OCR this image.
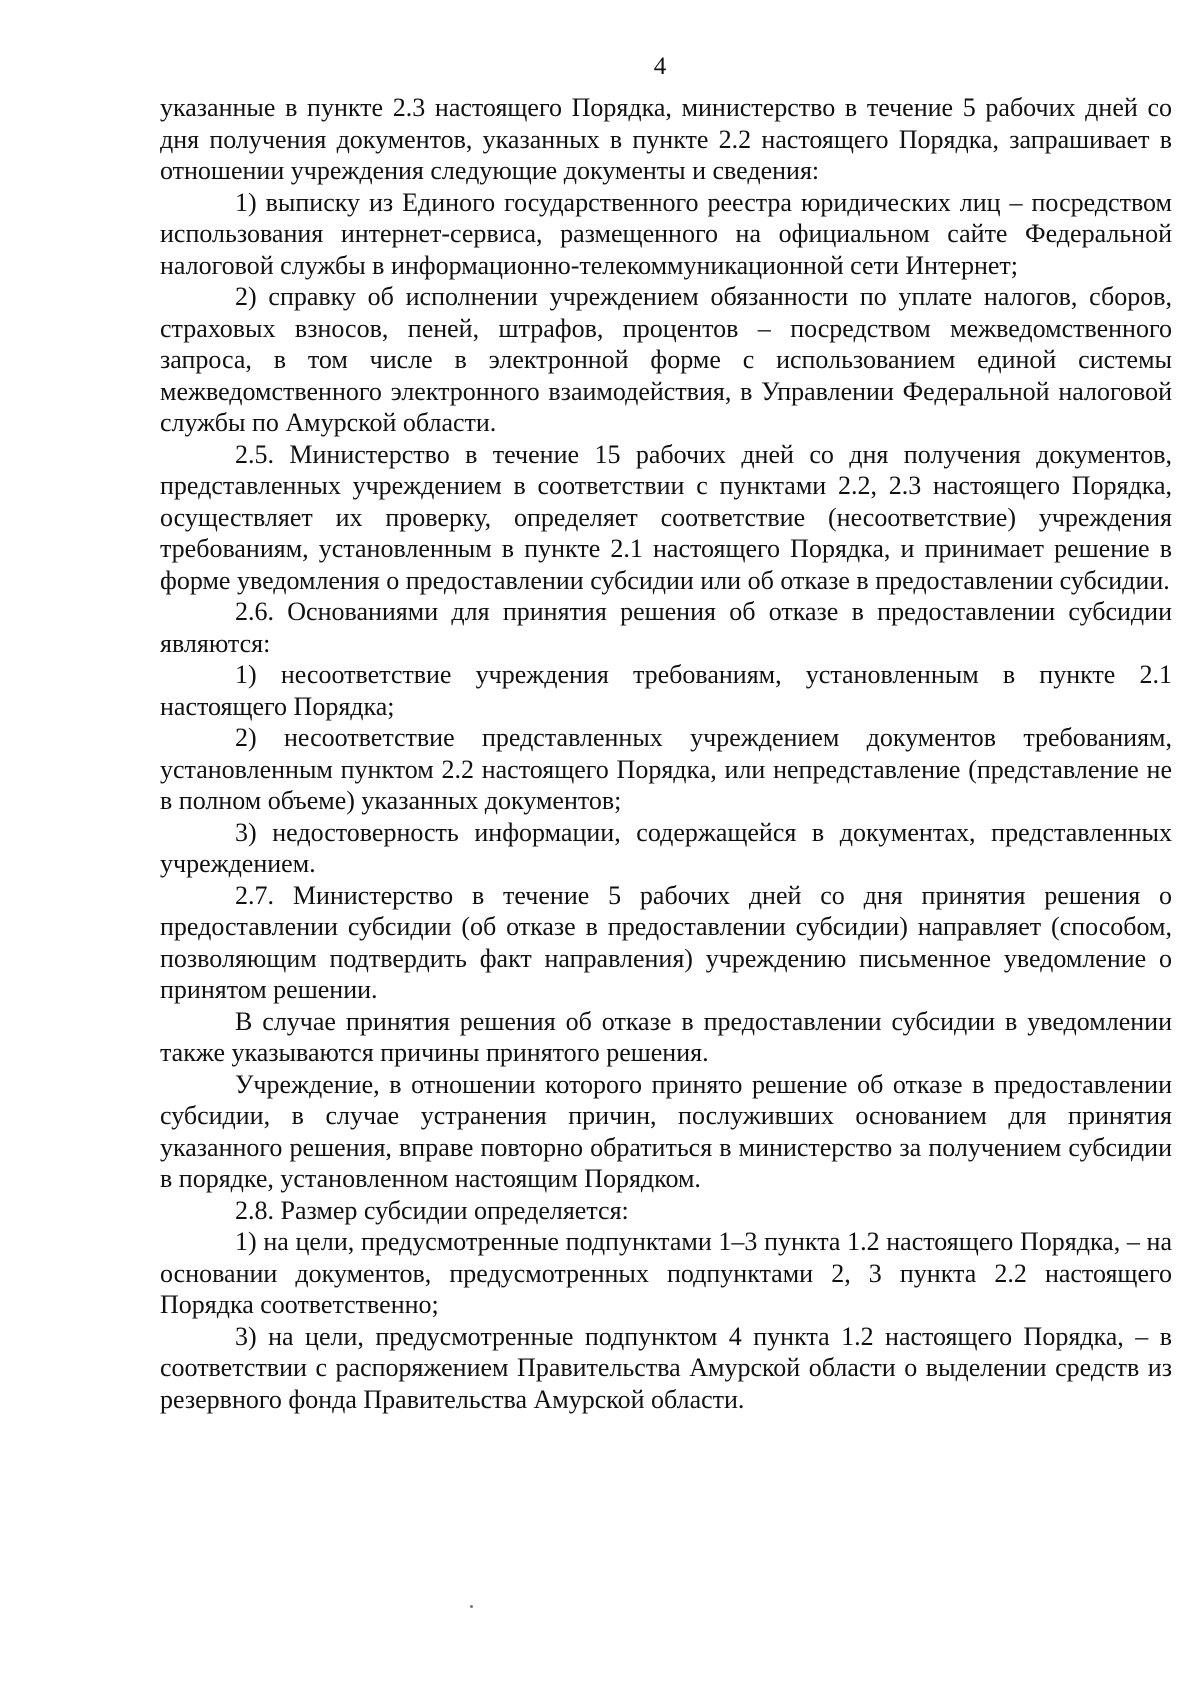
4

указанные в пункте 2.3 настоящего Порядка, министерство в течение 5 рабочих дней со дня получения документов, указанных в пункте 2.2 настоящего Порядка, запрашивает в отношении учреждения следующие документы и сведения:

1) выписку из Единого государственного реестра юридических лиц – посредством использования интернет-сервиса, размещенного на официальном сайте Федеральной налоговой службы в информационно-телекоммуникационной сети Интернет;

2) справку об исполнении учреждением обязанности по уплате налогов, сборов, страховых взносов, пеней, штрафов, процентов – посредством межведомственного запроса, в том числе в электронной форме с использованием единой системы межведомственного электронного взаимодействия, в Управлении Федеральной налоговой службы по Амурской области.

2.5. Министерство в течение 15 рабочих дней со дня получения документов, представленных учреждением в соответствии с пунктами 2.2, 2.3 настоящего Порядка, осуществляет их проверку, определяет соответствие (несоответствие) учреждения требованиям, установленным в пункте 2.1 настоящего Порядка, и принимает решение в форме уведомления о предоставлении субсидии или об отказе в предоставлении субсидии.

2.6. Основаниями для принятия решения об отказе в предоставлении субсидии являются:

1) несоответствие учреждения требованиям, установленным в пункте 2.1 настоящего Порядка;

2) несоответствие представленных учреждением документов требованиям, установленным пунктом 2.2 настоящего Порядка, или непредставление (представление не в полном объеме) указанных документов;

3) недостоверность информации, содержащейся в документах, представленных учреждением.

2.7. Министерство в течение 5 рабочих дней со дня принятия решения о предоставлении субсидии (об отказе в предоставлении субсидии) направляет (способом, позволяющим подтвердить факт направления) учреждению письменное уведомление о принятом решении.

В случае принятия решения об отказе в предоставлении субсидии в уведомлении также указываются причины принятого решения.

Учреждение, в отношении которого принято решение об отказе в предоставлении субсидии, в случае устранения причин, послуживших основанием для принятия указанного решения, вправе повторно обратиться в министерство за получением субсидии в порядке, установленном настоящим Порядком.

2.8. Размер субсидии определяется:

1) на цели, предусмотренные подпунктами 1–3 пункта 1.2 настоящего Порядка, – на основании документов, предусмотренных подпунктами 2, 3 пункта 2.2 настоящего Порядка соответственно;

3) на цели, предусмотренные подпунктом 4 пункта 1.2 настоящего Порядка, – в соответствии с распоряжением Правительства Амурской области о выделении средств из резервного фонда Правительства Амурской области.
